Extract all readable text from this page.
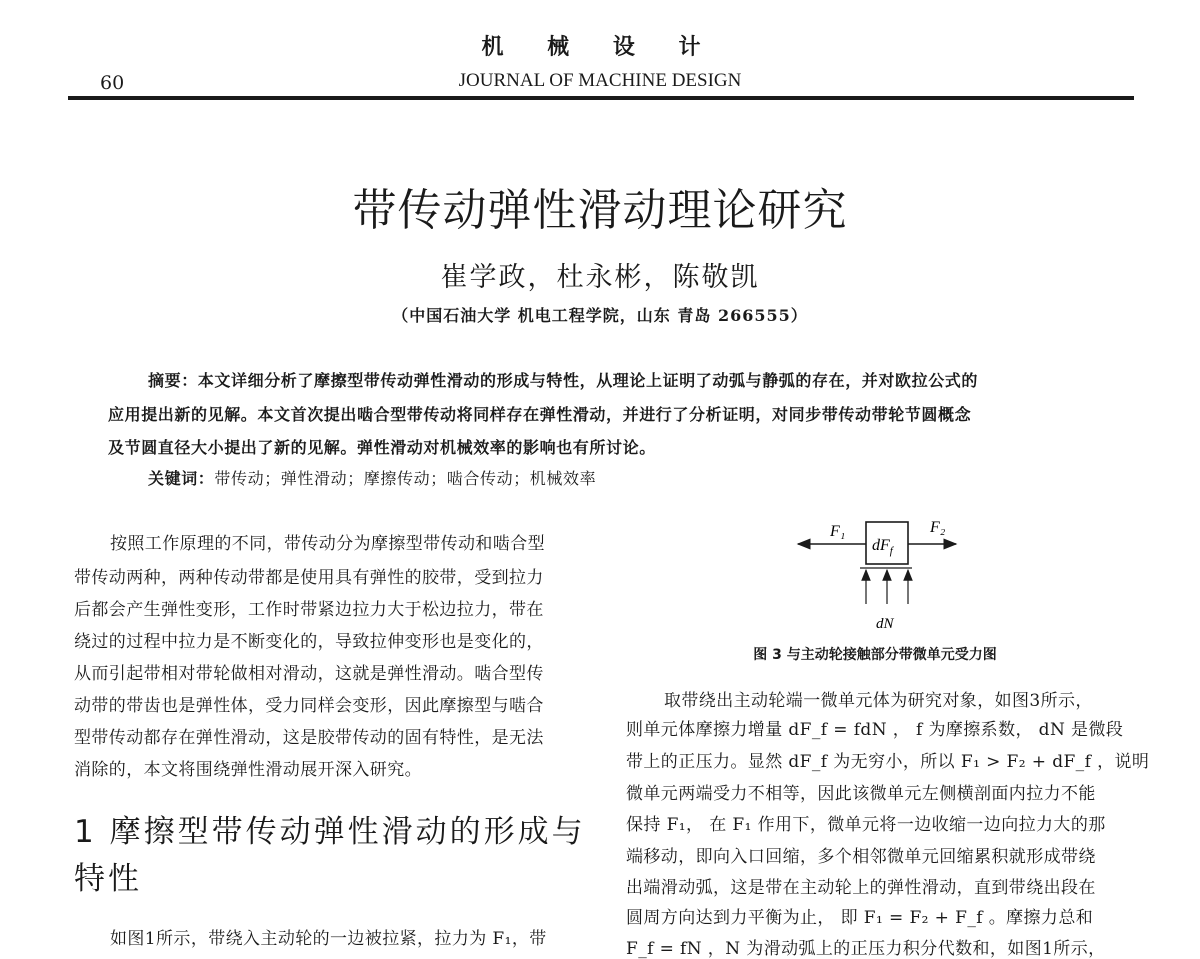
机 械 设 计
60	JOURNAL OF MACHINE DESIGN
带传动弹性滑动理论研究
崔学政，杜永彬，陈敬凯
（中国石油大学 机电工程学院，山东 青岛 266555）
摘要：本文详细分析了摩擦型带传动弹性滑动的形成与特性，从理论上证明了动弧与静弧的存在，并对欧拉公式的
应用提出新的见解。本文首次提出啮合型带传动将同样存在弹性滑动，并进行了分析证明，对同步带传动带轮节圆概念
及节圆直径大小提出了新的见解。弹性滑动对机械效率的影响也有所讨论。
关键词：带传动；弹性滑动；摩擦传动；啮合传动；机械效率
按照工作原理的不同，带传动分为摩擦型带传动和啮合型
带传动两种，两种传动带都是使用具有弹性的胶带，受到拉力
后都会产生弹性变形，工作时带紧边拉力大于松边拉力，带在
绕过的过程中拉力是不断变化的，导致拉伸变形也是变化的，
从而引起带相对带轮做相对滑动，这就是弹性滑动。啮合型传
动带的带齿也是弹性体，受力同样会变形，因此摩擦型与啮合
型带传动都存在弹性滑动，这是胶带传动的固有特性，是无法
消除的，本文将围绕弹性滑动展开深入研究。
1 摩擦型带传动弹性滑动的形成与
特性
如图1所示，带绕入主动轮的一边被拉紧，拉力为 F₁，带
F₁	F₂
$dF_f$
dN
图 3 与主动轮接触部分带微单元受力图
取带绕出主动轮端一微单元体为研究对象，如图3所示，
则单元体摩擦力增量 dF_f = fdN ， f 为摩擦系数， dN 是微段
带上的正压力。显然 dF_f 为无穷小，所以 F₁ > F₂ + dF_f ，说明
微单元两端受力不相等，因此该微单元左侧横剖面内拉力不能
保持 F₁， 在 F₁ 作用下，微单元将一边收缩一边向拉力大的那
端移动，即向入口回缩，多个相邻微单元回缩累积就形成带绕
出端滑动弧，这是带在主动轮上的弹性滑动，直到带绕出段在
圆周方向达到力平衡为止， 即 F₁ = F₂ + F_f 。摩擦力总和
F_f = fN ，N 为滑动弧上的正压力积分代数和，如图1所示，
